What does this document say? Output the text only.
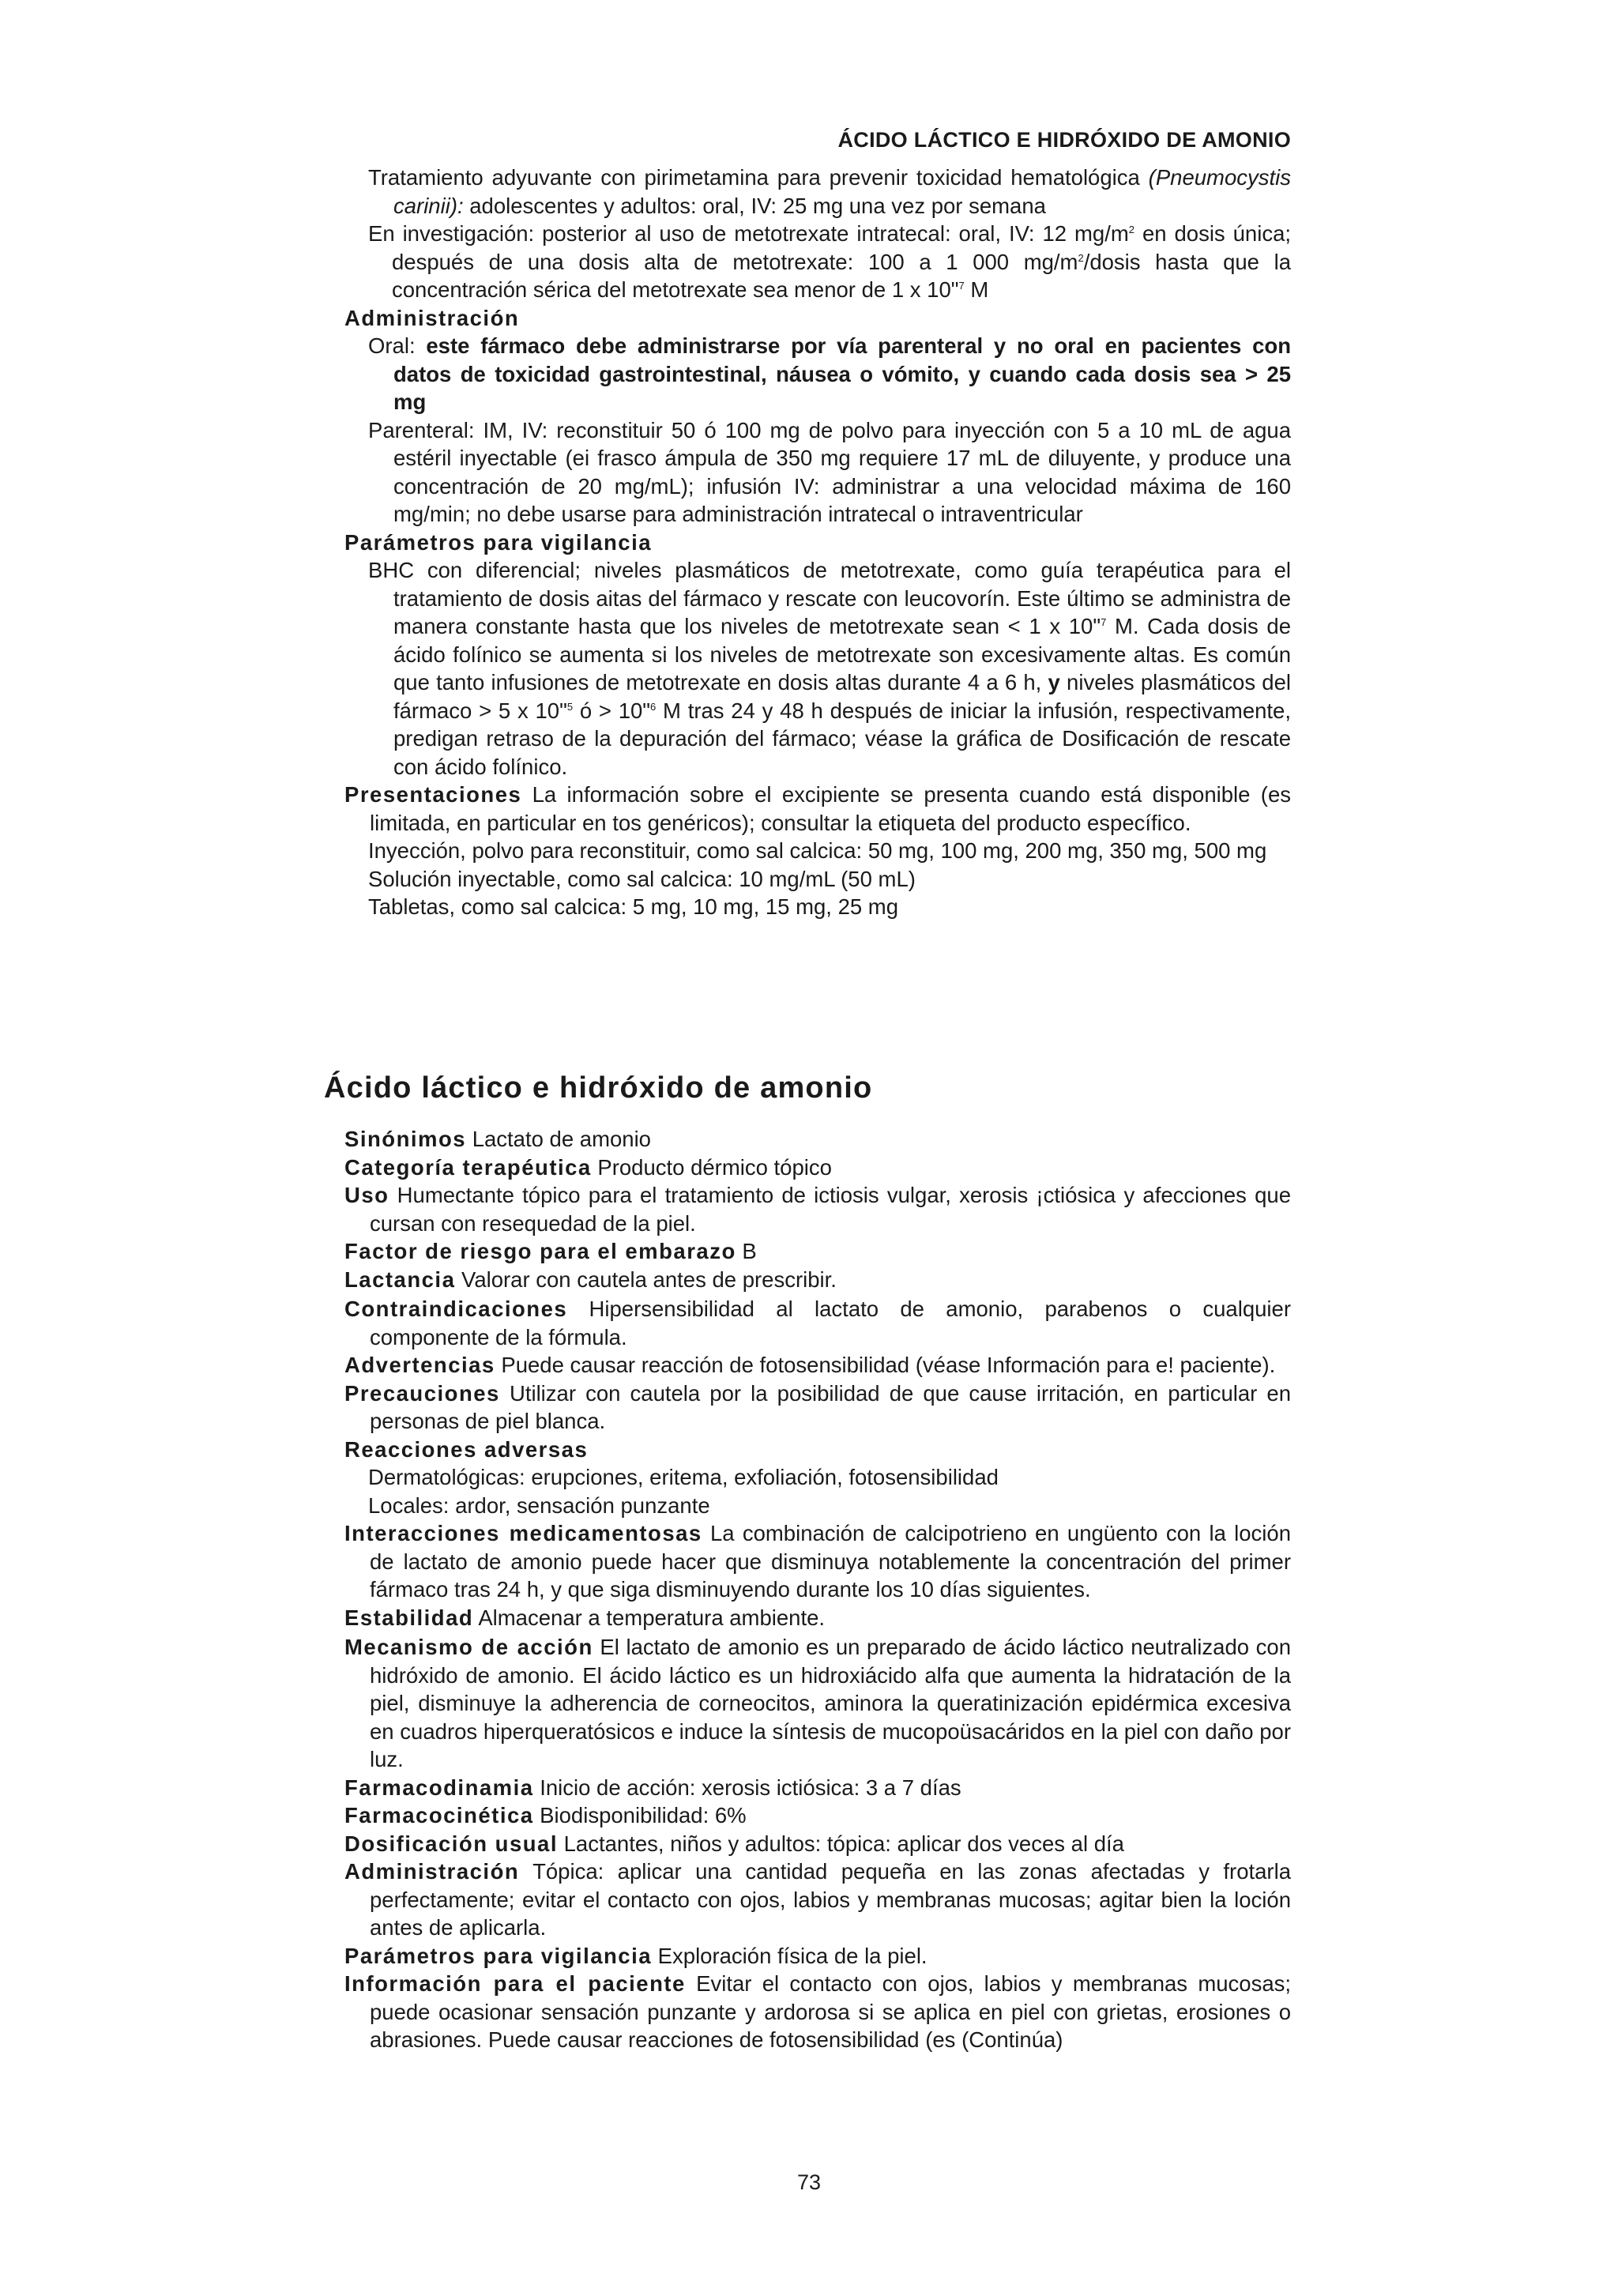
ÁCIDO LÁCTICO E HIDRÓXIDO DE AMONIO

Tratamiento adyuvante con pirimetamina para prevenir toxicidad hematológica (Pneumocystis carinii): adolescentes y adultos: oral, IV: 25 mg una vez por semana

En investigación: posterior al uso de metotrexate intratecal: oral, IV: 12 $mg/m^2$ en dosis única; después de una dosis alta de metotrexate: 100 a 1 000 $mg/m^2$/dosis hasta que la concentración sérica del metotrexate sea menor de 1 x 10"$^7$ M

Administración

Oral: este fármaco debe administrarse por vía parenteral y no oral en pacientes con datos de toxicidad gastrointestinal, náusea o vómito, y cuando cada dosis sea > 25 mg

Parenteral: IM, IV: reconstituir 50 ó 100 mg de polvo para inyección con 5 a 10 mL de agua estéril inyectable (ei frasco ámpula de 350 mg requiere 17 mL de diluyente, y produce una concentración de 20 mg/mL); infusión IV: administrar a una velocidad máxima de 160 mg/min; no debe usarse para administración intratecal o intraventricular

Parámetros para vigilancia

BHC con diferencial; niveles plasmáticos de metotrexate, como guía terapéutica para el tratamiento de dosis aitas del fármaco y rescate con leucovorín. Este último se administra de manera constante hasta que los niveles de metotrexate sean < 1 x 10"$^7$ M. Cada dosis de ácido folínico se aumenta si los niveles de metotrexate son excesivamente altas. Es común que tanto infusiones de metotrexate en dosis altas durante 4 a 6 h, y niveles plasmáticos del fármaco > 5 x 10"$^5$ ó > 10"$^6$ M tras 24 y 48 h después de iniciar la infusión, respectivamente, predigan retraso de la depuración del fármaco; véase la gráfica de Dosificación de rescate con ácido folínico.

Presentaciones La información sobre el excipiente se presenta cuando está disponible (es limitada, en particular en tos genéricos); consultar la etiqueta del producto específico.

Inyección, polvo para reconstituir, como sal calcica: 50 mg, 100 mg, 200 mg, 350 mg, 500 mg

Solución inyectable, como sal calcica: 10 mg/mL (50 mL)

Tabletas, como sal calcica: 5 mg, 10 mg, 15 mg, 25 mg

Ácido láctico e hidróxido de amonio

Sinónimos Lactato de amonio

Categoría terapéutica Producto dérmico tópico

Uso Humectante tópico para el tratamiento de ictiosis vulgar, xerosis ¡ctiósica y afecciones que cursan con resequedad de la piel.

Factor de riesgo para el embarazo B

Lactancia Valorar con cautela antes de prescribir.

Contraindicaciones Hipersensibilidad al lactato de amonio, parabenos o cualquier componente de la fórmula.

Advertencias Puede causar reacción de fotosensibilidad (véase Información para e! paciente).

Precauciones Utilizar con cautela por la posibilidad de que cause irritación, en particular en personas de piel blanca.

Reacciones adversas

Dermatológicas: erupciones, eritema, exfoliación, fotosensibilidad

Locales: ardor, sensación punzante

Interacciones medicamentosas La combinación de calcipotrieno en ungüento con la loción de lactato de amonio puede hacer que disminuya notablemente la concentración del primer fármaco tras 24 h, y que siga disminuyendo durante los 10 días siguientes.

Estabilidad Almacenar a temperatura ambiente.

Mecanismo de acción El lactato de amonio es un preparado de ácido láctico neutralizado con hidróxido de amonio. El ácido láctico es un hidroxiácido alfa que aumenta la hidratación de la piel, disminuye la adherencia de corneocitos, aminora la queratinización epidérmica excesiva en cuadros hiperqueratósicos e induce la síntesis de mucopoüsacáridos en la piel con daño por luz.

Farmacodinamia Inicio de acción: xerosis ictiósica: 3 a 7 días

Farmacocinética Biodisponibilidad: 6%

Dosificación usual Lactantes, niños y adultos: tópica: aplicar dos veces al día

Administración Tópica: aplicar una cantidad pequeña en las zonas afectadas y frotarla perfectamente; evitar el contacto con ojos, labios y membranas mucosas; agitar bien la loción antes de aplicarla.

Parámetros para vigilancia Exploración física de la piel.

Información para el paciente Evitar el contacto con ojos, labios y membranas mucosas; puede ocasionar sensación punzante y ardorosa si se aplica en piel con grietas, erosiones o abrasiones. Puede causar reacciones de fotosensibilidad (es (Continúa)

73
